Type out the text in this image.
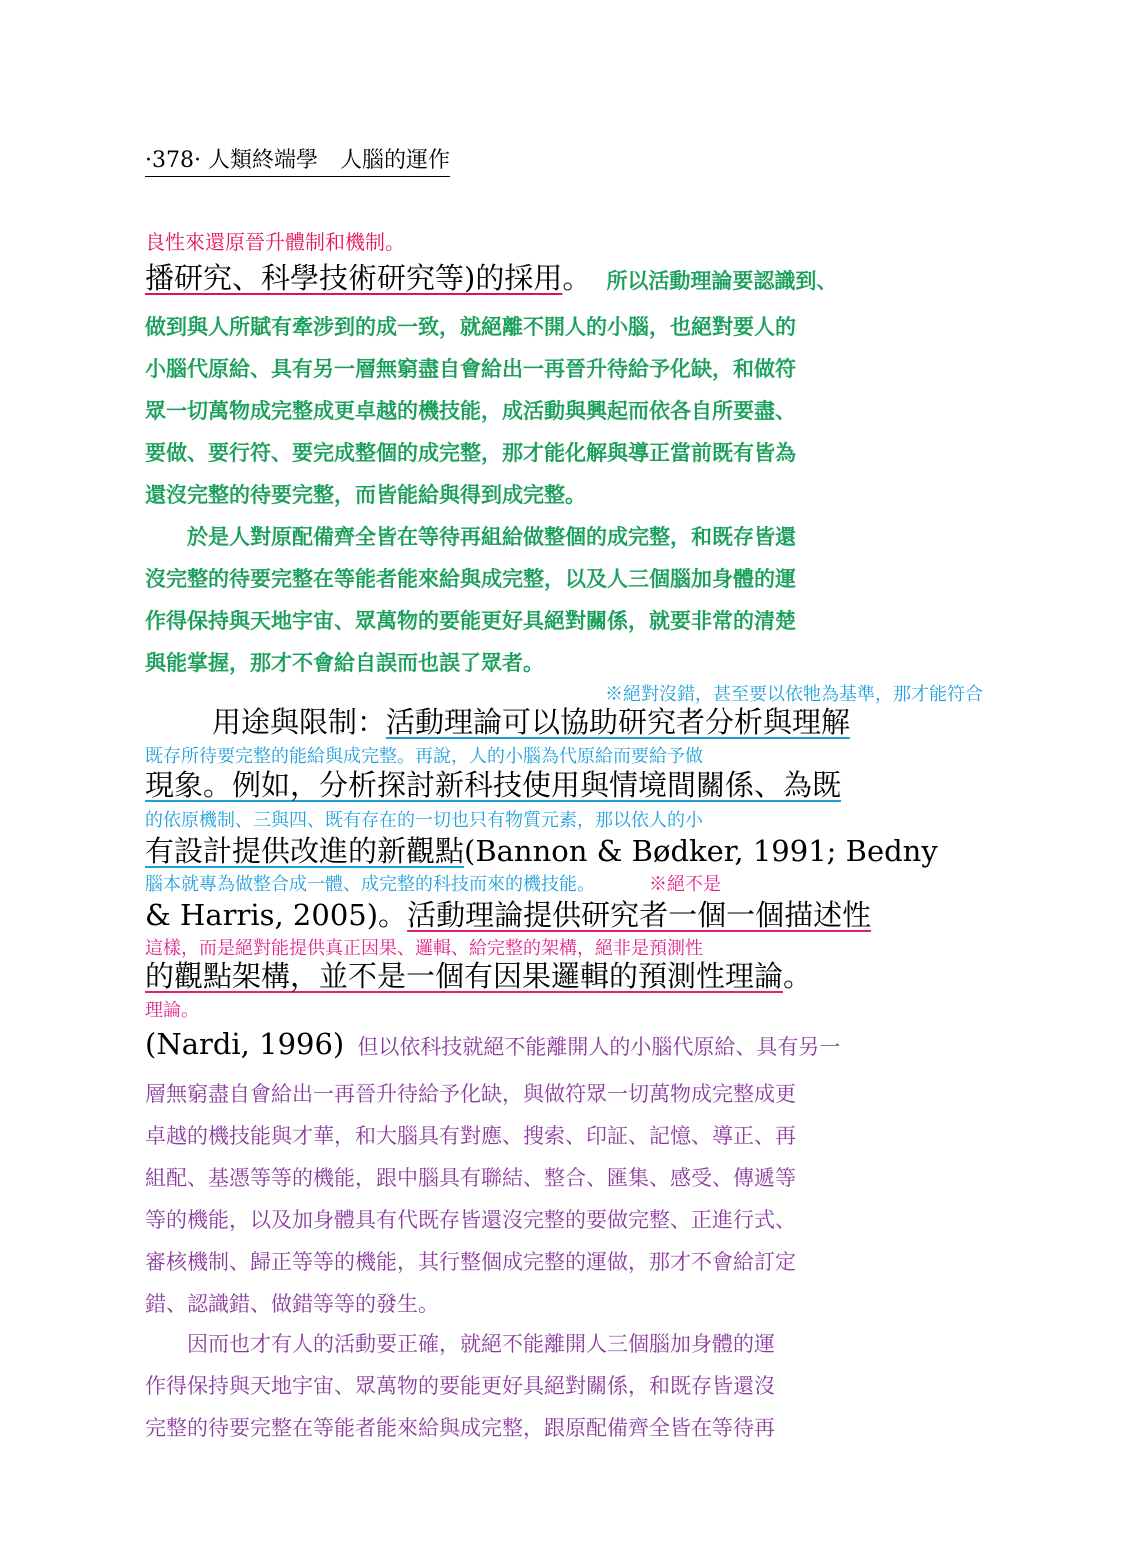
·378· 人類終端學　人腦的運作
良性來還原晉升體制和機制。
播研究、科學技術研究等)的採用。 所以活動理論要認識到、
做到與人所賦有牽涉到的成一致，就絕離不開人的小腦，也絕對要人的
小腦代原給、具有另一層無窮盡自會給出一再晉升待給予化缺，和做符
眾一切萬物成完整成更卓越的機技能，成活動與興起而依各自所要盡、
要做、要行符、要完成整個的成完整，那才能化解與導正當前既有皆為
還沒完整的待要完整，而皆能給與得到成完整。
　　於是人對原配備齊全皆在等待再組給做整個的成完整，和既存皆還
沒完整的待要完整在等能者能來給與成完整，以及人三個腦加身體的運
作得保持與天地宇宙、眾萬物的要能更好具絕對關係，就要非常的清楚
與能掌握，那才不會給自誤而也誤了眾者。
※絕對沒錯，甚至要以依牠為基準，那才能符合
用途與限制：活動理論可以協助研究者分析與理解
既存所待要完整的能給與成完整。再說，人的小腦為代原給而要給予做
現象。例如，分析探討新科技使用與情境間關係、為既
的依原機制、三與四、既有存在的一切也只有物質元素，那以依人的小
有設計提供改進的新觀點(Bannon & Bødker, 1991; Bedny
腦本就專為做整合成一體、成完整的科技而來的機技能。	※絕不是
& Harris, 2005)。活動理論提供研究者一個一個描述性
這樣，而是絕對能提供真正因果、邏輯、給完整的架構，絕非是預測性
的觀點架構，並不是一個有因果邏輯的預測性理論。
理論。
(Nardi, 1996) 但以依科技就絕不能離開人的小腦代原給、具有另一
層無窮盡自會給出一再晉升待給予化缺，與做符眾一切萬物成完整成更
卓越的機技能與才華，和大腦具有對應、搜索、印証、記憶、導正、再
組配、基憑等等的機能，跟中腦具有聯結、整合、匯集、感受、傳遞等
等的機能，以及加身體具有代既存皆還沒完整的要做完整、正進行式、
審核機制、歸正等等的機能，其行整個成完整的運做，那才不會給訂定
錯、認識錯、做錯等等的發生。
　　因而也才有人的活動要正確，就絕不能離開人三個腦加身體的運
作得保持與天地宇宙、眾萬物的要能更好具絕對關係，和既存皆還沒
完整的待要完整在等能者能來給與成完整，跟原配備齊全皆在等待再
